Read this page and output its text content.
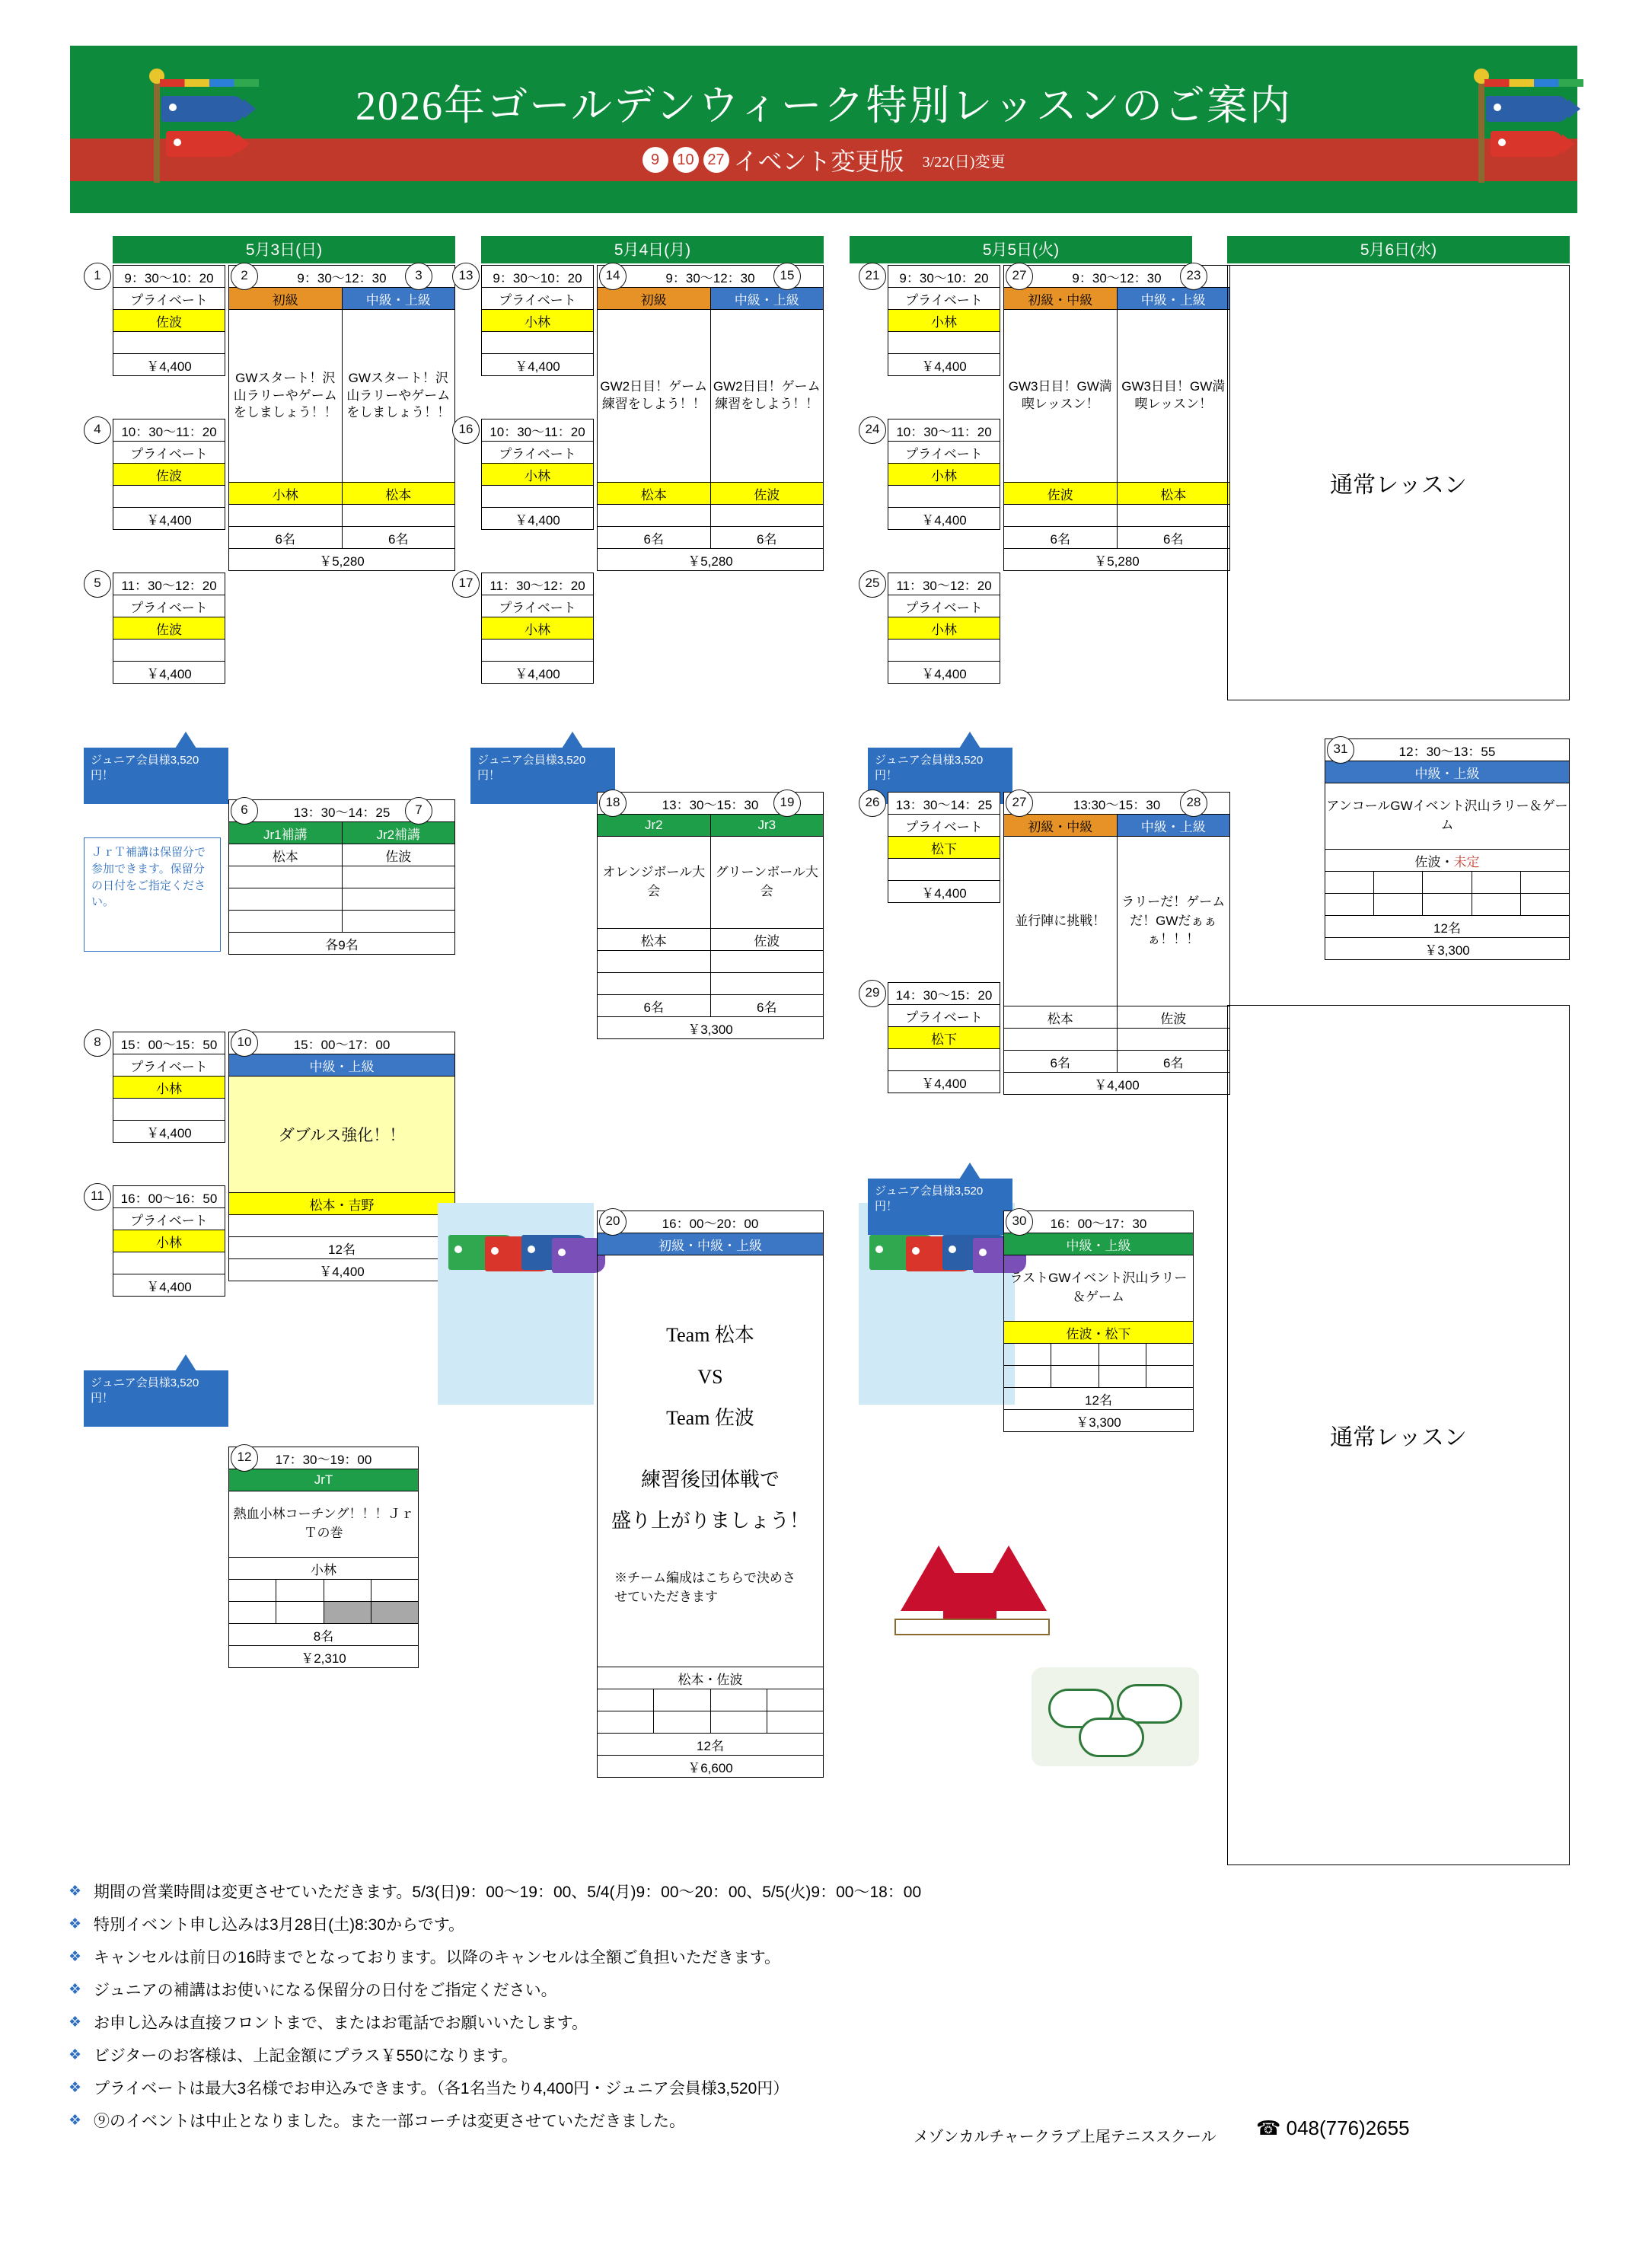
2026年ゴールデンウィーク特別レッスンのご案内
9	10 27 イベント変更版 3/22(日)変更
5月3日(日)	5月4日(月)	5月5日(火)	5月6日(水)
9：30～10：20
プライベート
佐波

￥4,400
1
10：30～11：20
プライベート
佐波

￥4,400
4
11：30～12：20
プライベート
佐波

￥4,400
5
9：30～12：30	
初級	中級・上級
GWスタート！沢山ラリーやゲームをしましょう！！	GWスタート！沢山ラリーやゲームをしましょう！！
小林	松本

6名	6名
￥5,280	
2	3
ジュニア会員様3,520円！
ＪｒＴ補講は保留分で参加できます。保留分の日付をご指定ください。
13：30～14：25	
Jr1補講	Jr2補講
松本	佐波

各9名	
6	7
15：00～15：50
プライベート
小林

￥4,400
8
16：00～16：50
プライベート
小林

￥4,400
11
15：00～17：00
中級・上級
ダブルス強化！！
松本・吉野

12名
￥4,400
10
ジュニア会員様3,520円！
17：30～19：00			
JrT			
熱血小林コーチング！！！ＪｒＴの巻			
小林			

8名			
￥2,310			
12
9：30～10：20
プライベート
小林

￥4,400
13
10：30～11：20
プライベート
小林

￥4,400
16
11：30～12：20
プライベート
小林

￥4,400
17
9：30～12：30	
初級	中級・上級
GW2日目！ゲーム練習をしよう！！	GW2日目！ゲーム練習をしよう！！
松本	佐波

6名	6名
￥5,280	
14	15
ジュニア会員様3,520円！
13：30～15：30	
Jr2	Jr3
オレンジボール大会	グリーンボール大会
松本	佐波

6名	6名
￥3,300	
18	19
16：00～20：00			
初級・中級・上級			

Team 松本
VS
Team 佐波
練習後団体戦で
盛り上がりましょう！
※チーム編成はこちらで決めさせていただきます

松本・佐波			

12名			
￥6,600			
20
9：30～10：20
プライベート
小林

￥4,400
21
10：30～11：20
プライベート
小林

￥4,400
24
11：30～12：20
プライベート
小林

￥4,400
25
9：30～12：30	
初級・中級	中級・上級
GW3日目！GW満喫レッスン！	GW3日目！GW満喫レッスン！
佐波	松本

6名	6名
￥5,280	
27	23
ジュニア会員様3,520円！
13：30～14：25
プライベート
松下

￥4,400
26
14：30～15：20
プライベート
松下

￥4,400
29
13:30～15：30	
初級・中級	中級・上級
並行陣に挑戦！	ラリーだ！ゲームだ！GWだぁぁぁ！！！
松本	佐波

6名	6名
￥4,400	
27	28
ジュニア会員様3,520円！
16：00～17：30			
中級・上級			
ラストGWイベント沢山ラリー＆ゲーム			
佐波・松下			

12名			
￥3,300			
30
通常レッスン
12：30～13：55				
中級・上級				
アンコールGWイベント沢山ラリー＆ゲーム				
佐波・未定				

12名				
￥3,300				
31
通常レッスン
❖ 期間の営業時間は変更させていただきます。5/3(日)9：00～19：00、5/4(月)9：00～20：00、5/5(火)9：00～18：00
❖ 特別イベント申し込みは3月28日(土)8:30からです。
❖ キャンセルは前日の16時までとなっております。以降のキャンセルは全額ご負担いただきます。
❖ ジュニアの補講はお使いになる保留分の日付をご指定ください。
❖ お申し込みは直接フロントまで、またはお電話でお願いいたします。
❖ ビジターのお客様は、上記金額にプラス￥550になります。
❖ プライベートは最大3名様でお申込みできます。（各1名当たり4,400円・ジュニア会員様3,520円）
❖ ⑨のイベントは中止となりました。また一部コーチは変更させていただきました。
メゾンカルチャークラブ上尾テニススクール ☎ 048(776)2655
